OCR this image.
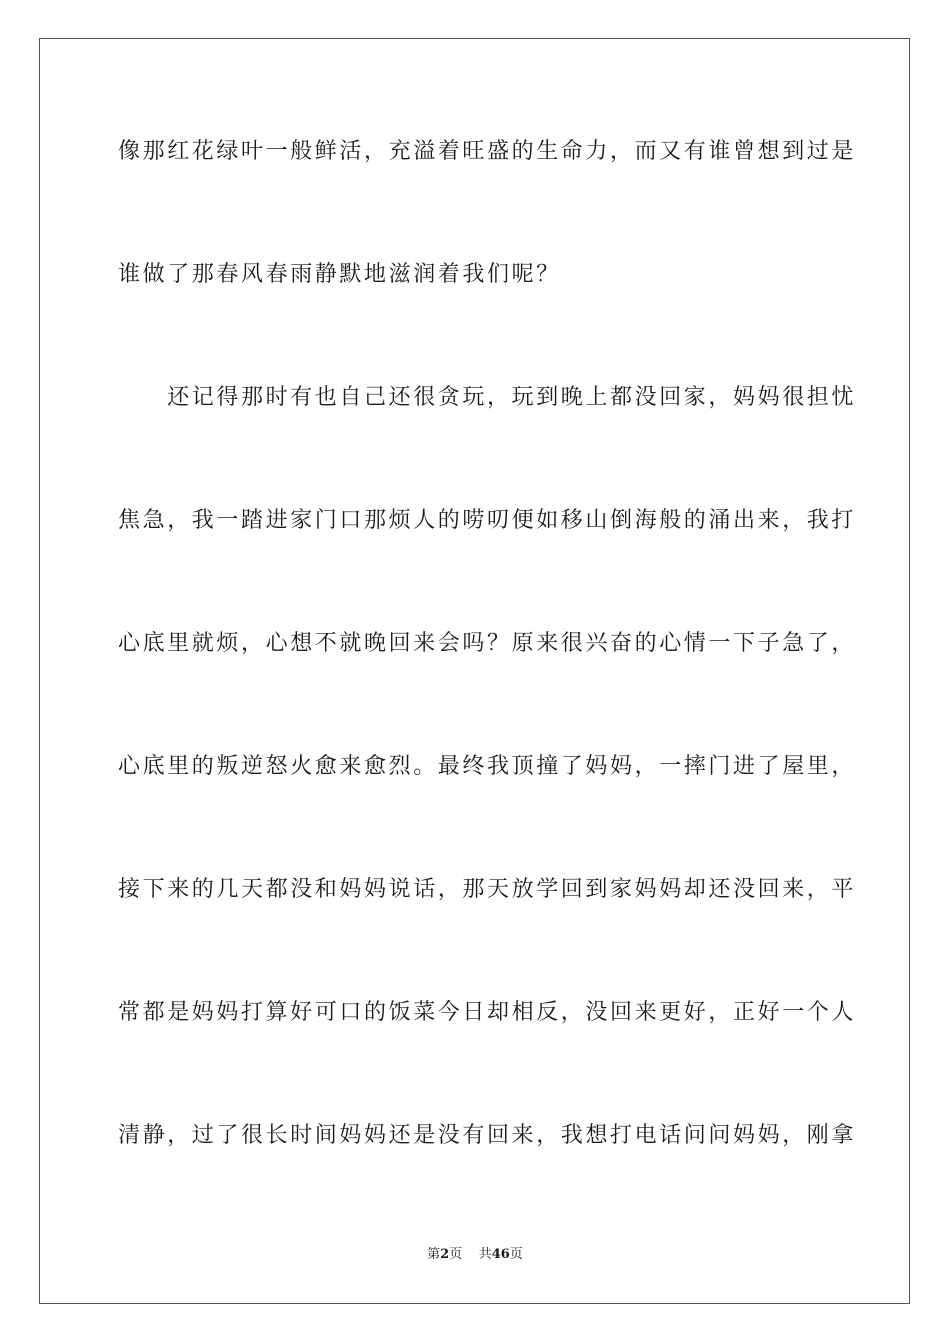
像那红花绿叶一般鲜活，充溢着旺盛的生命力，而又有谁曾想到过是
谁做了那春风春雨静默地滋润着我们呢？
　　还记得那时有也自己还很贪玩，玩到晚上都没回家，妈妈很担忧
焦急，我一踏进家门口那烦人的唠叨便如移山倒海般的涌出来，我打
心底里就烦，心想不就晚回来会吗？原来很兴奋的心情一下子急了，
心底里的叛逆怒火愈来愈烈。最终我顶撞了妈妈，一摔门进了屋里，
接下来的几天都没和妈妈说话，那天放学回到家妈妈却还没回来，平
常都是妈妈打算好可口的饭菜今日却相反，没回来更好，正好一个人
清静，过了很长时间妈妈还是没有回来，我想打电话问问妈妈，刚拿
第2页 共46页
